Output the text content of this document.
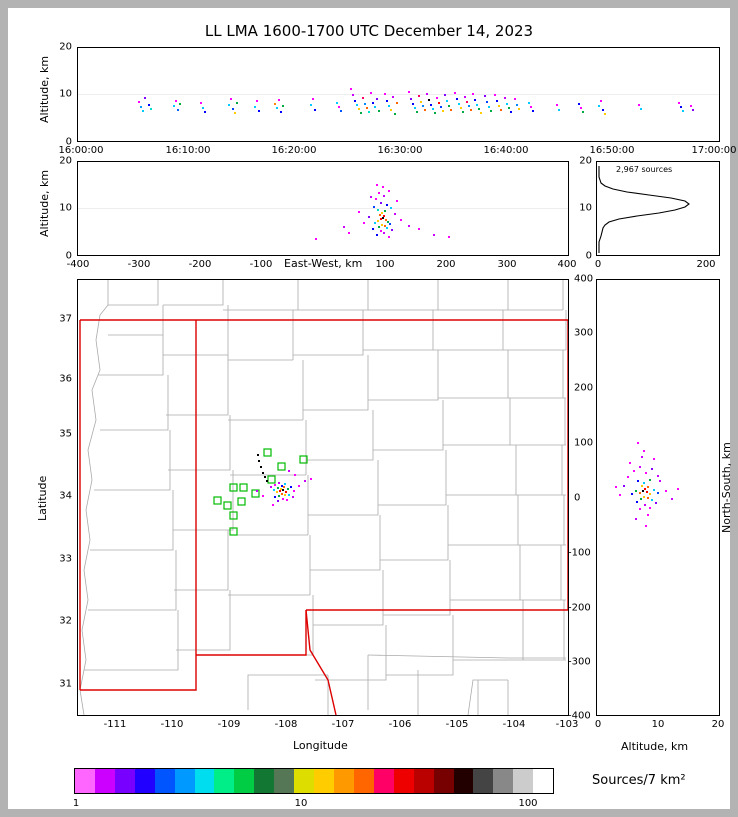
LL LMA 1600-1700 UTC December 14, 2023
0
10
20
Altitude, km
16:00:00	16:10:00	16:20:00	16:30:00	16:40:00	16:50:00	17:00:00
0
10
20
Altitude, km
-400	-300	-200	-100	100	200	300	400
East-West, km
2,967 sources
0
10
20
0	200
31
32
33
34
35
36
37
Latitude
-111	-110	-109	-108	-107	-106	-105	-104	-103
Longitude
400
300
200
100
0
-100
-200
-300
-400
0	10	20
Altitude, km
North-South, km
1	10	100
Sources/7 km²
